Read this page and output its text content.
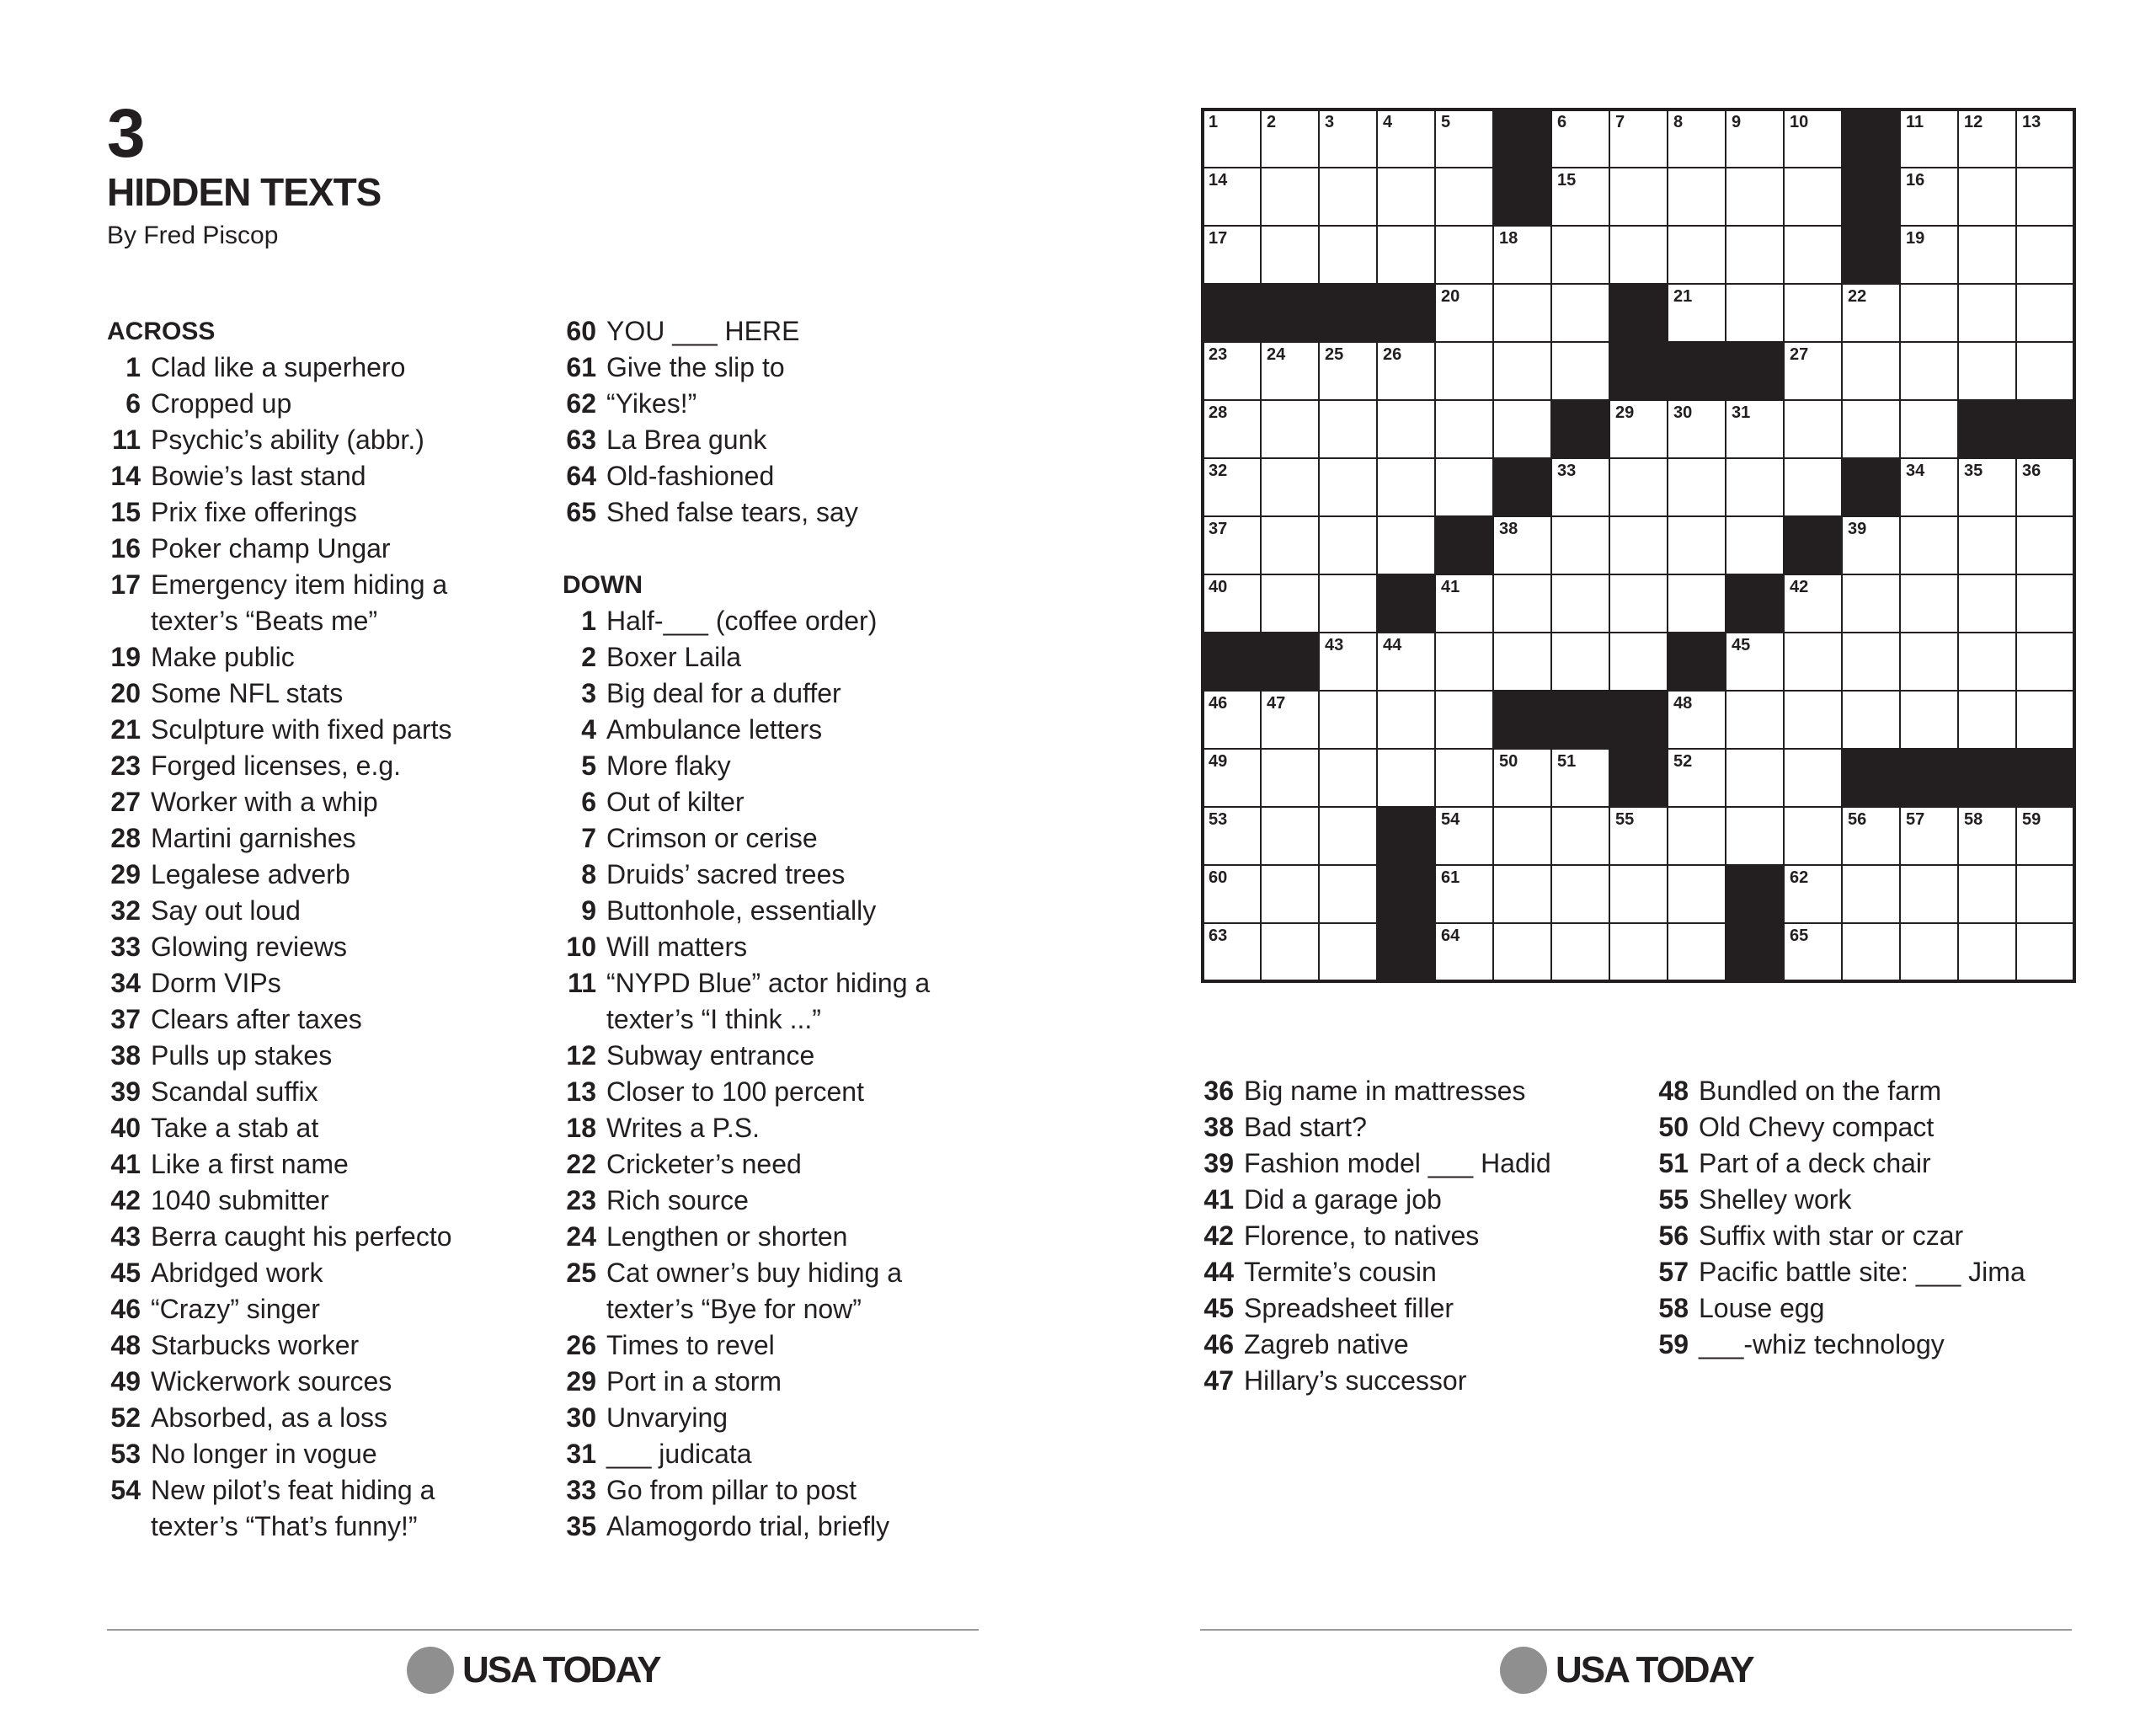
3
HIDDEN TEXTS
By Fred Piscop
ACROSS
1 Clad like a superhero
6 Cropped up
11 Psychic’s ability (abbr.)
14 Bowie’s last stand
15 Prix fixe offerings
16 Poker champ Ungar
17 Emergency item hiding a texter’s “Beats me”
19 Make public
20 Some NFL stats
21 Sculpture with fixed parts
23 Forged licenses, e.g.
27 Worker with a whip
28 Martini garnishes
29 Legalese adverb
32 Say out loud
33 Glowing reviews
34 Dorm VIPs
37 Clears after taxes
38 Pulls up stakes
39 Scandal suffix
40 Take a stab at
41 Like a first name
42 1040 submitter
43 Berra caught his perfecto
45 Abridged work
46 “Crazy” singer
48 Starbucks worker
49 Wickerwork sources
52 Absorbed, as a loss
53 No longer in vogue
54 New pilot’s feat hiding a texter’s “That’s funny!”
60 YOU ___ HERE
61 Give the slip to
62 “Yikes!”
63 La Brea gunk
64 Old-fashioned
65 Shed false tears, say
DOWN
1 Half-___ (coffee order)
2 Boxer Laila
3 Big deal for a duffer
4 Ambulance letters
5 More flaky
6 Out of kilter
7 Crimson or cerise
8 Druids’ sacred trees
9 Buttonhole, essentially
10 Will matters
11 “NYPD Blue” actor hiding a texter’s “I think ...”
12 Subway entrance
13 Closer to 100 percent
18 Writes a P.S.
22 Cricketer’s need
23 Rich source
24 Lengthen or shorten
25 Cat owner’s buy hiding a texter’s “Bye for now”
26 Times to revel
29 Port in a storm
30 Unvarying
31 ___ judicata
33 Go from pillar to post
35 Alamogordo trial, briefly
36 Big name in mattresses
38 Bad start?
39 Fashion model ___ Hadid
41 Did a garage job
42 Florence, to natives
44 Termite’s cousin
45 Spreadsheet filler
46 Zagreb native
47 Hillary’s successor
48 Bundled on the farm
50 Old Chevy compact
51 Part of a deck chair
55 Shelley work
56 Suffix with star or czar
57 Pacific battle site: ___ Jima
58 Louse egg
59 ___-whiz technology
1	2	3	4	5	6	7	8	9	10	11 12 13
14	15	16
17	18	19
20	21	22
23 24 25 26	27
28	29 30 31
32	33	34 35 36
37	38	39
40	41	42
43 44	45
46 47	48
49	50 51	52
53	54	55	56 57 58 59
60	61	62
63	64	65
USA TODAY	USA TODAY
